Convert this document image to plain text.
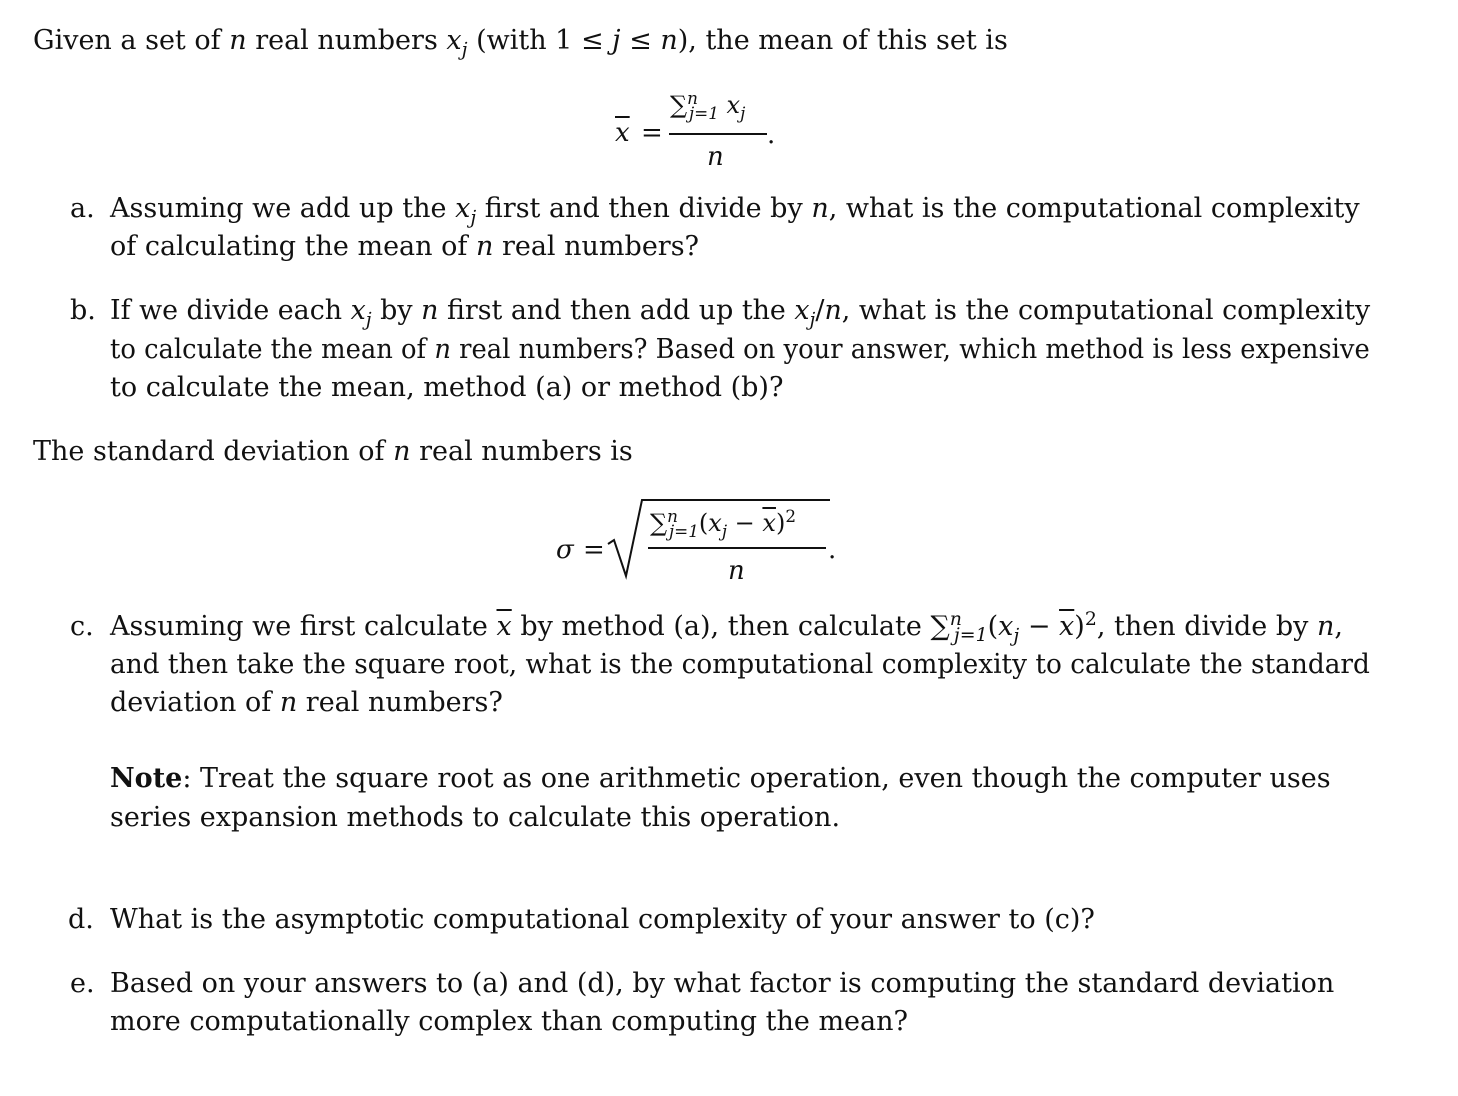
Given a set of n real numbers $x_j$ (with 1 ≤ j ≤ n), the mean of this set is
$\overline{x}$ =
∑$^n_{j=1}$ $x_j$
.
n
a. Assuming we add up the $x_j$ first and then divide by n, what is the computational complexity
of calculating the mean of n real numbers?
b. If we divide each $x_j$ by n first and then add up the $x_j/n$, what is the computational complexity
to calculate the mean of n real numbers? Based on your answer, which method is less expensive
to calculate the mean, method (a) or method (b)?
The standard deviation of n real numbers is
σ =
$\sum^n_{j=1}(x_j - \overline{x})^2$
.
n
c. Assuming we first calculate $\overline{x}$ by method (a), then calculate $\sum^n_{j=1}(x_j - \overline{x})^2$, then divide by n,
and then take the square root, what is the computational complexity to calculate the standard
deviation of n real numbers?
Note: Treat the square root as one arithmetic operation, even though the computer uses
series expansion methods to calculate this operation.
d. What is the asymptotic computational complexity of your answer to (c)?
e. Based on your answers to (a) and (d), by what factor is computing the standard deviation
more computationally complex than computing the mean?
